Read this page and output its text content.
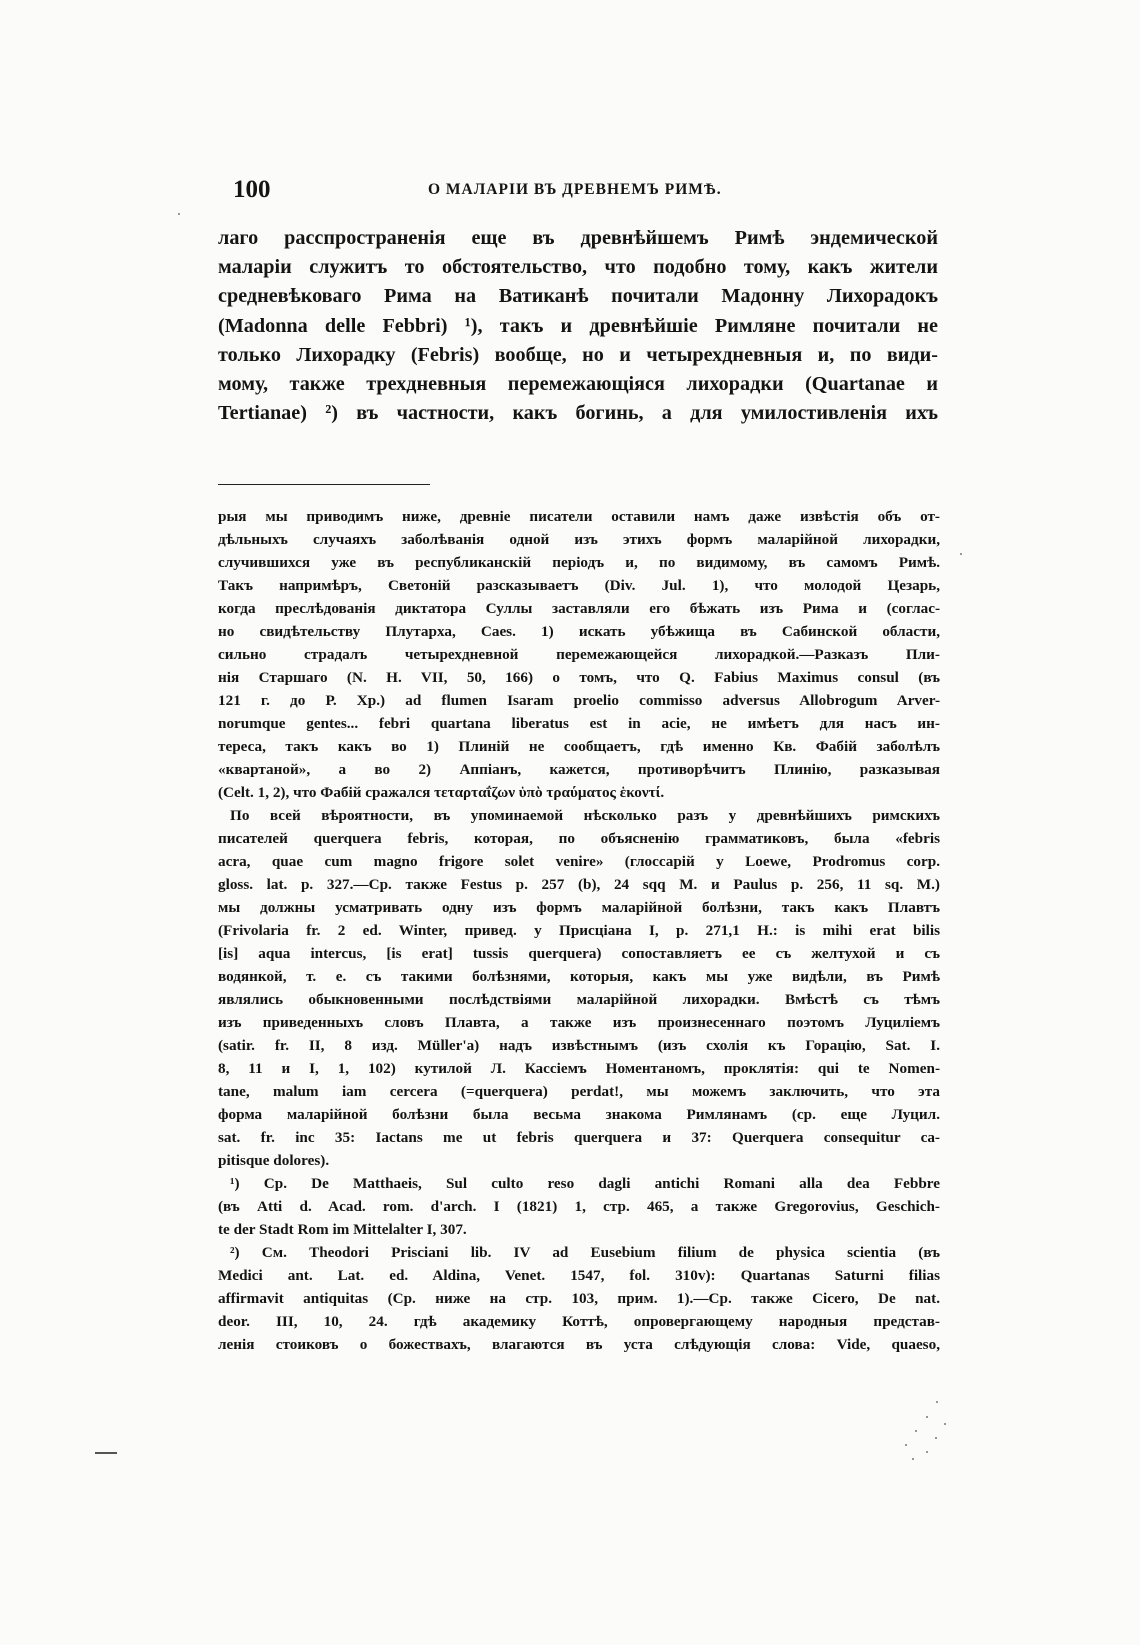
100	О МАЛАРІИ ВЪ ДРЕВНЕМЪ РИМѢ.
лаго расспространенія еще въ древнѣйшемъ Римѣ эндемической
маларіи служитъ то обстоятельство, что подобно тому, какъ жители
средневѣковаго Рима на Ватиканѣ почитали Мадонну Лихорадокъ
(Madonna delle Febbri) ¹), такъ и древнѣйшіе Римляне почитали не
только Лихорадку (Febris) вообще, но и четырехдневныя и, по види-
мому, также трехдневныя перемежающіяся лихорадки (Quartanae и
Tertianae) ²) въ частности, какъ богинь, а для умилостивленія ихъ
рыя мы приводимъ ниже, древніе писатели оставили намъ даже извѣстія объ от-
дѣльныхъ случаяхъ заболѣванія одной изъ этихъ формъ маларійной лихорадки,
случившихся уже въ республиканскій періодъ и, по видимому, въ самомъ Римѣ.
Такъ напримѣръ, Светоній разсказываетъ (Div. Jul. 1), что молодой Цезарь,
когда преслѣдованія диктатора Суллы заставляли его бѣжать изъ Рима и (соглас-
но свидѣтельству Плутарха, Caes. 1) искать убѣжища въ Сабинской области,
сильно страдалъ четырехдневной перемежающейся лихорадкой.—Разказъ Пли-
нія Старшаго (N. H. VII, 50, 166) о томъ, что Q. Fabius Maximus consul (въ
121 г. до Р. Хр.) ad flumen Isaram proelio commisso adversus Allobrogum Arver-
norumque gentes... febri quartana liberatus est in acie, не имѣетъ для насъ ин-
тереса, такъ какъ во 1) Плиній не сообщаетъ, гдѣ именно Кв. Фабій заболѣлъ
«квартаной», а во 2) Аппіанъ, кажется, противорѣчитъ Плинію, разказывая
(Celt. 1, 2), что Фабій сражался τεταρταΐζων ὑπὸ τραύματος ἑκοντί.
По всей вѣроятности, въ упоминаемой нѣсколько разъ у древнѣйшихъ римскихъ
писателей querquera febris, которая, по объясненію грамматиковъ, была «febris
acra, quae cum magno frigore solet venire» (глоссарій у Loewe, Prodromus corp.
gloss. lat. p. 327.—Ср. также Festus p. 257 (b), 24 sqq M. и Paulus p. 256, 11 sq. M.)
мы должны усматривать одну изъ формъ маларійной болѣзни, такъ какъ Плавтъ
(Frivolaria fr. 2 ed. Winter, привед. у Присціана I, p. 271,1 H.: is mihi erat bilis
[is] aqua intercus, [is erat] tussis querquera) сопоставляетъ ее съ желтухой и съ
водянкой, т. е. съ такими болѣзнями, которыя, какъ мы уже видѣли, въ Римѣ
являлись обыкновенными послѣдствіями маларійной лихорадки. Вмѣстѣ съ тѣмъ
изъ приведенныхъ словъ Плавта, а также изъ произнесеннаго поэтомъ Луциліемъ
(satir. fr. II, 8 изд. Müller'а) надъ извѣстнымъ (изъ схолія къ Горацію, Sat. I.
8, 11 и I, 1, 102) кутилой Л. Кассіемъ Номентаномъ, проклятія: qui te Nomen-
tane, malum iam cercera (=querquera) perdat!, мы можемъ заключить, что эта
форма маларійной болѣзни была весьма знакома Римлянамъ (ср. еще Луцил.
sat. fr. inc 35: Iactans me ut febris querquera и 37: Querquera consequitur ca-
pitisque dolores).
¹) Ср. De Matthaeis, Sul culto reso dagli antichi Romani alla dea Febbre
(въ Atti d. Acad. rom. d'arch. I (1821) 1, стр. 465, а также Gregorovius, Geschich-
te der Stadt Rom im Mittelalter I, 307.
²) См. Theodori Prisciani lib. IV ad Eusebium filium de physica scientia (въ
Medici ant. Lat. ed. Aldina, Venet. 1547, fol. 310v): Quartanas Saturni filias
affirmavit antiquitas (Ср. ниже на стр. 103, прим. 1).—Ср. также Cicero, De nat.
deor. III, 10, 24. гдѣ академику Коттѣ, опровергающему народныя представ-
ленія стоиковъ о божествахъ, влагаются въ уста слѣдующія слова: Vide, quaeso,
